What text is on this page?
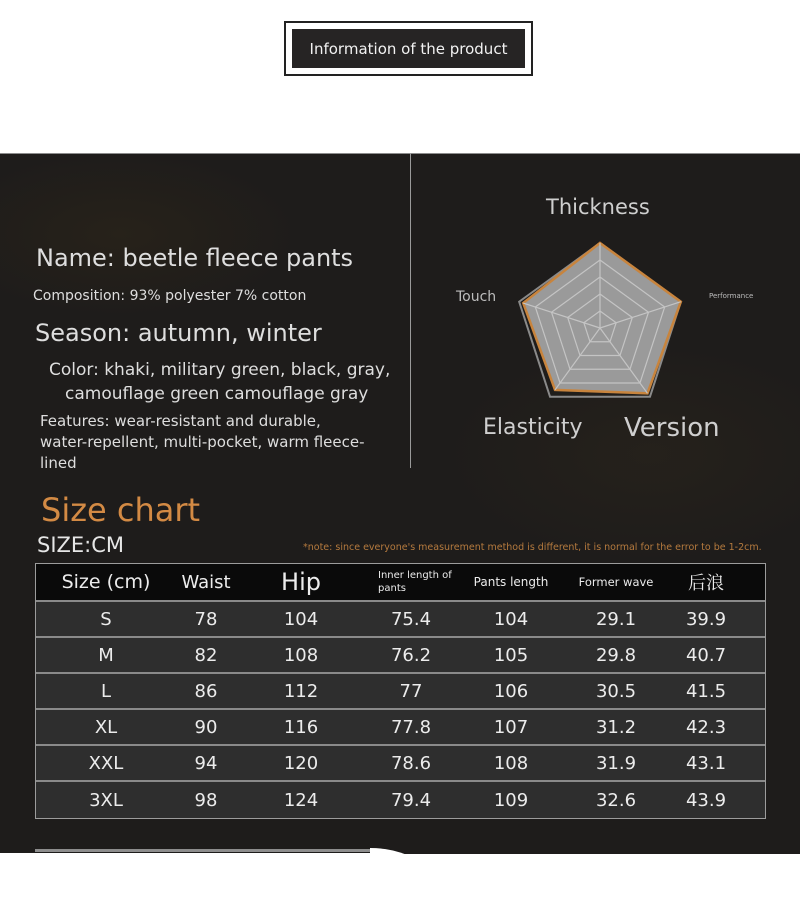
Information of the product
Name: beetle fleece pants
Composition: 93% polyester 7% cotton
Season: autumn, winter
Color: khaki, military green, black, gray,
camouflage green camouflage gray
Features: wear-resistant and durable, water-repellent, multi-pocket, warm fleece-lined
Thickness
Touch	Performance
Elasticity Version
Size chart
SIZE:CM	*note: since everyone's measurement method is different, it is normal for the error to be 1-2cm.
Size (cm)	Waist	Hip	Inner length of pants	Pants length	Former wave	后浪
S	78	104	75.4	104	29.1	39.9
M	82	108	76.2	105	29.8	40.7
L	86	112	77	106	30.5	41.5
XL	90	116	77.8	107	31.2	42.3
XXL	94	120	78.6	108	31.9	43.1
3XL	98	124	79.4	109	32.6	43.9
